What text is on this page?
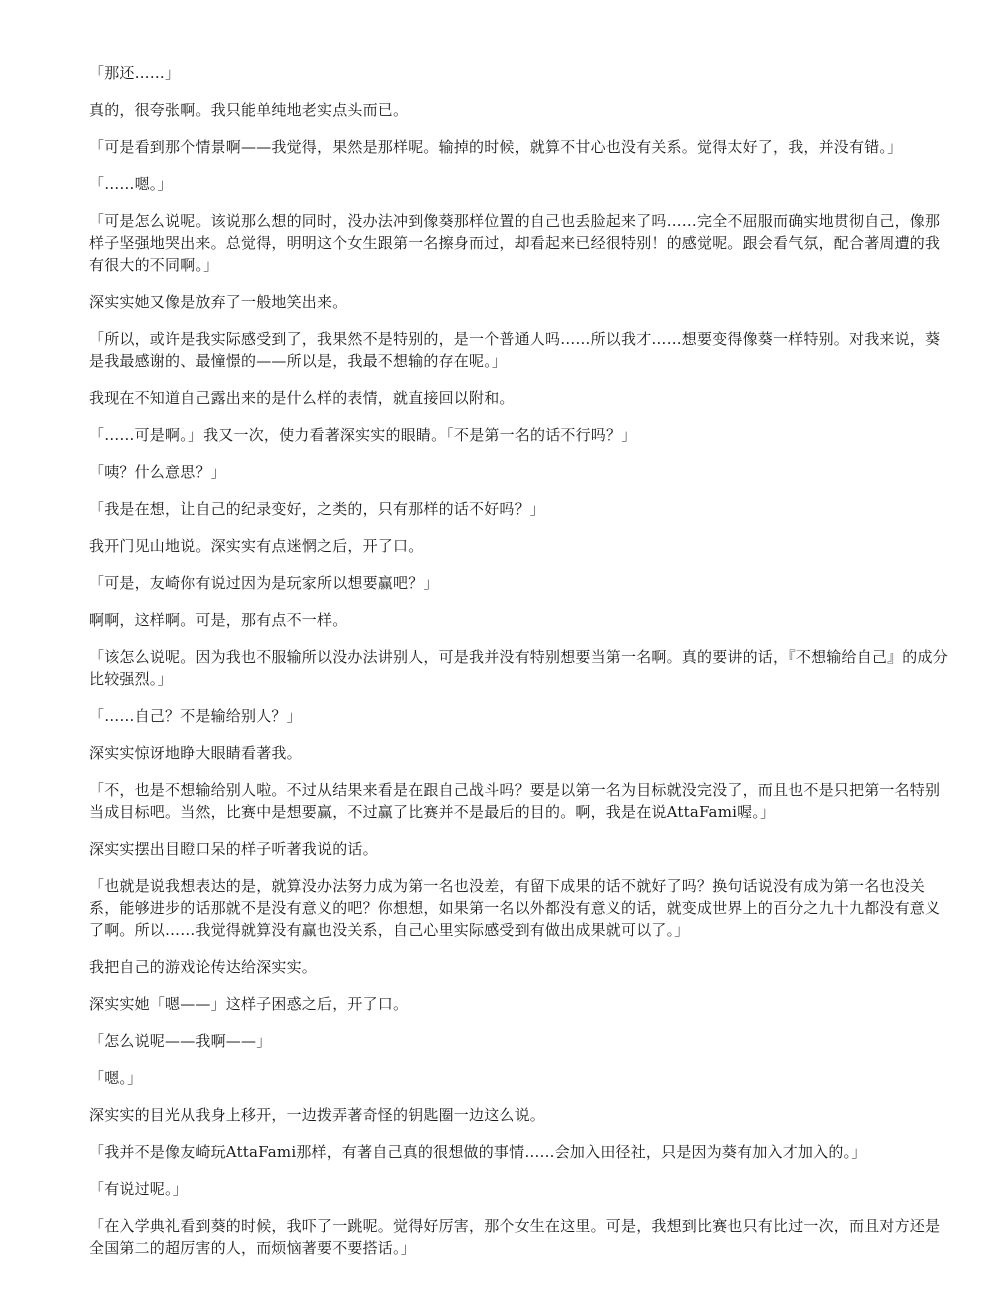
「那还……」

真的，很夸张啊。我只能单纯地老实点头而已。

「可是看到那个情景啊——我觉得，果然是那样呢。输掉的时候，就算不甘心也没有关系。觉得太好了，我，并没有错。」

「……嗯。」

「可是怎么说呢。该说那么想的同时，没办法冲到像葵那样位置的自己也丢脸起来了吗……完全不屈服而确实地贯彻自己，像那样子坚强地哭出来。总觉得，明明这个女生跟第一名擦身而过，却看起来已经很特别！的感觉呢。跟会看气氛，配合著周遭的我有很大的不同啊。」

深实实她又像是放弃了一般地笑出来。

「所以，或许是我实际感受到了，我果然不是特别的，是一个普通人吗……所以我才……想要变得像葵一样特别。对我来说，葵是我最感谢的、最憧憬的——所以是，我最不想输的存在呢。」

我现在不知道自己露出来的是什么样的表情，就直接回以附和。

「……可是啊。」我又一次，使力看著深实实的眼睛。「不是第一名的话不行吗？」

「咦？什么意思？」

「我是在想，让自己的纪录变好，之类的，只有那样的话不好吗？」

我开门见山地说。深实实有点迷惘之后，开了口。

「可是，友崎你有说过因为是玩家所以想要赢吧？」

啊啊，这样啊。可是，那有点不一样。

「该怎么说呢。因为我也不服输所以没办法讲别人，可是我并没有特别想要当第一名啊。真的要讲的话，『不想输给自己』的成分比较强烈。」

「……自己？不是输给别人？」

深实实惊讶地睁大眼睛看著我。

「不，也是不想输给别人啦。不过从结果来看是在跟自己战斗吗？要是以第一名为目标就没完没了，而且也不是只把第一名特别当成目标吧。当然，比赛中是想要赢，不过赢了比赛并不是最后的目的。啊，我是在说AttaFami喔。」

深实实摆出目瞪口呆的样子听著我说的话。

「也就是说我想表达的是，就算没办法努力成为第一名也没差，有留下成果的话不就好了吗？换句话说没有成为第一名也没关系，能够进步的话那就不是没有意义的吧？你想想，如果第一名以外都没有意义的话，就变成世界上的百分之九十九都没有意义了啊。所以……我觉得就算没有赢也没关系，自己心里实际感受到有做出成果就可以了。」

我把自己的游戏论传达给深实实。

深实实她「嗯——」这样子困惑之后，开了口。

「怎么说呢——我啊——」

「嗯。」

深实实的目光从我身上移开，一边拨弄著奇怪的钥匙圈一边这么说。

「我并不是像友崎玩AttaFami那样，有著自己真的很想做的事情……会加入田径社，只是因为葵有加入才加入的。」

「有说过呢。」

「在入学典礼看到葵的时候，我吓了一跳呢。觉得好厉害，那个女生在这里。可是，我想到比赛也只有比过一次，而且对方还是全国第二的超厉害的人，而烦恼著要不要搭话。」
